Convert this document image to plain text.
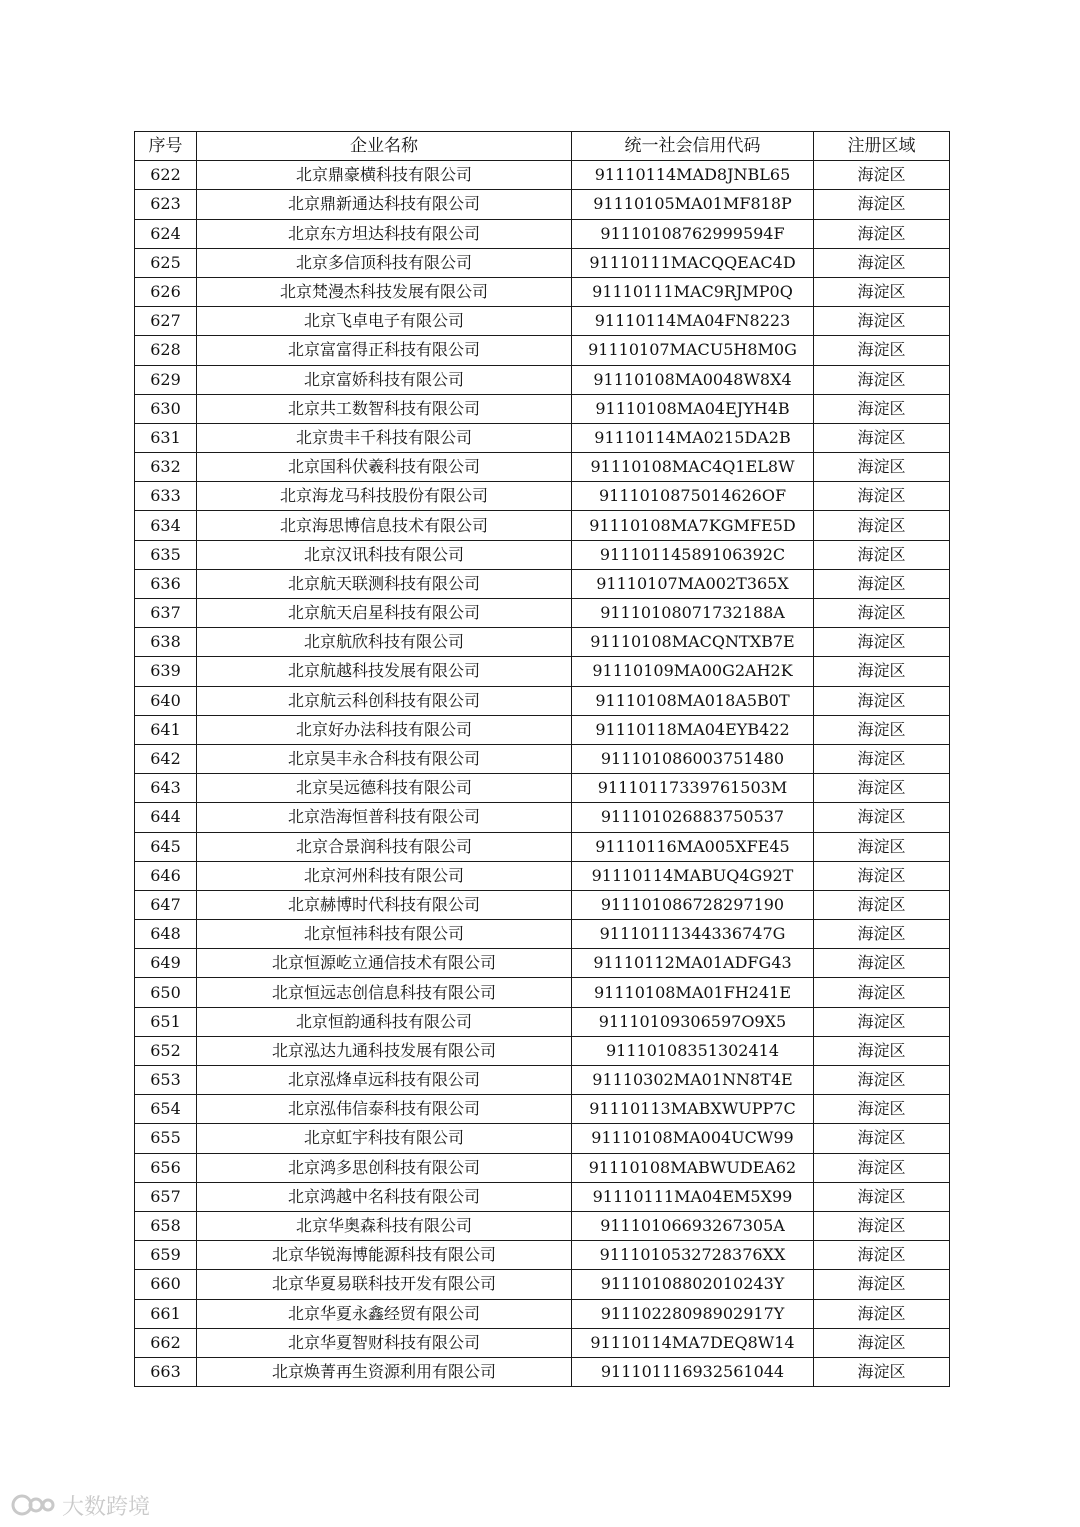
序号	企业名称	统一社会信用代码	注册区域
622	北京鼎豪横科技有限公司	91110114MAD8JNBL65	海淀区
623	北京鼎新通达科技有限公司	91110105MA01MF818P	海淀区
624	北京东方坦达科技有限公司	91110108762999594F	海淀区
625	北京多信顶科技有限公司	91110111MACQQEAC4D	海淀区
626	北京梵漫杰科技发展有限公司	91110111MAC9RJMP0Q	海淀区
627	北京飞卓电子有限公司	91110114MA04FN8223	海淀区
628	北京富富得正科技有限公司	91110107MACU5H8M0G	海淀区
629	北京富娇科技有限公司	91110108MA0048W8X4	海淀区
630	北京共工数智科技有限公司	91110108MA04EJYH4B	海淀区
631	北京贵丰千科技有限公司	91110114MA0215DA2B	海淀区
632	北京国科伏羲科技有限公司	91110108MAC4Q1EL8W	海淀区
633	北京海龙马科技股份有限公司	9111010875014626OF	海淀区
634	北京海思博信息技术有限公司	91110108MA7KGMFE5D	海淀区
635	北京汉讯科技有限公司	91110114589106392C	海淀区
636	北京航天联测科技有限公司	91110107MA002T365X	海淀区
637	北京航天启星科技有限公司	91110108071732188A	海淀区
638	北京航欣科技有限公司	91110108MACQNTXB7E	海淀区
639	北京航越科技发展有限公司	91110109MA00G2AH2K	海淀区
640	北京航云科创科技有限公司	91110108MA018A5B0T	海淀区
641	北京好办法科技有限公司	91110118MA04EYB422	海淀区
642	北京昊丰永合科技有限公司	911101086003751480	海淀区
643	北京吴远德科技有限公司	91110117339761503M	海淀区
644	北京浩海恒普科技有限公司	911101026883750537	海淀区
645	北京合景润科技有限公司	91110116MA005XFE45	海淀区
646	北京河州科技有限公司	91110114MABUQ4G92T	海淀区
647	北京赫博时代科技有限公司	911101086728297190	海淀区
648	北京恒祎科技有限公司	91110111344336747G	海淀区
649	北京恒源屹立通信技术有限公司	91110112MA01ADFG43	海淀区
650	北京恒远志创信息科技有限公司	91110108MA01FH241E	海淀区
651	北京恒韵通科技有限公司	91110109306597O9X5	海淀区
652	北京泓达九通科技发展有限公司	91110108351302414	海淀区
653	北京泓烽卓远科技有限公司	91110302MA01NN8T4E	海淀区
654	北京泓伟信泰科技有限公司	91110113MABXWUPP7C	海淀区
655	北京虹宇科技有限公司	91110108MA004UCW99	海淀区
656	北京鸿多思创科技有限公司	91110108MABWUDEA62	海淀区
657	北京鸿越中名科技有限公司	91110111MA04EM5X99	海淀区
658	北京华奥森科技有限公司	91110106693267305A	海淀区
659	北京华锐海博能源科技有限公司	91110105327283​76XX	海淀区
660	北京华夏易联科技开发有限公司	91110108802010243Y	海淀区
661	北京华夏永鑫经贸有限公司	91110228098902917Y	海淀区
662	北京华夏智财科技有限公司	91110114MA7DEQ8W14	海淀区
663	北京焕菁再生资源利用有限公司	911101116932561044	海淀区
大数跨境
